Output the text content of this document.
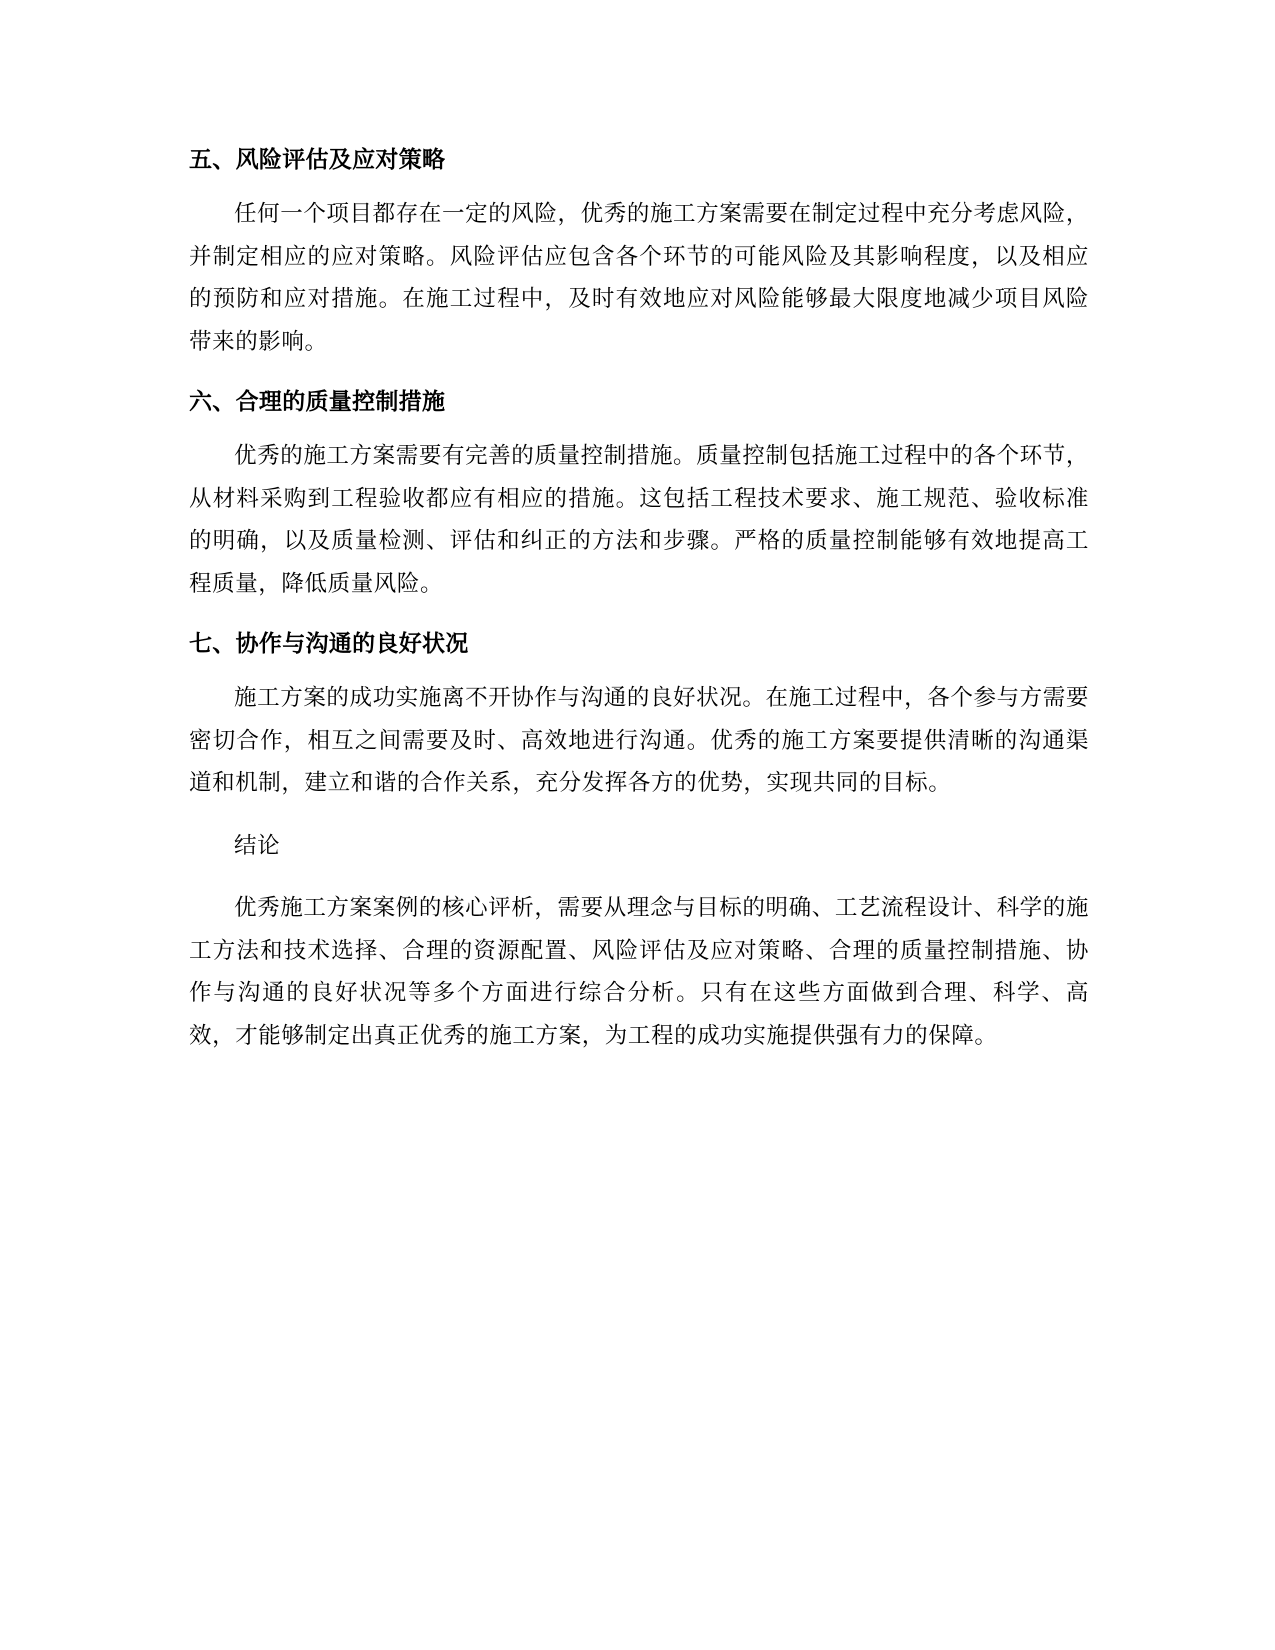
五、风险评估及应对策略

任何一个项目都存在一定的风险，优秀的施工方案需要在制定过程中充分考虑风险，并制定相应的应对策略。风险评估应包含各个环节的可能风险及其影响程度，以及相应的预防和应对措施。在施工过程中，及时有效地应对风险能够最大限度地减少项目风险带来的影响。

六、合理的质量控制措施

优秀的施工方案需要有完善的质量控制措施。质量控制包括施工过程中的各个环节，从材料采购到工程验收都应有相应的措施。这包括工程技术要求、施工规范、验收标准的明确，以及质量检测、评估和纠正的方法和步骤。严格的质量控制能够有效地提高工程质量，降低质量风险。

七、协作与沟通的良好状况

施工方案的成功实施离不开协作与沟通的良好状况。在施工过程中，各个参与方需要密切合作，相互之间需要及时、高效地进行沟通。优秀的施工方案要提供清晰的沟通渠道和机制，建立和谐的合作关系，充分发挥各方的优势，实现共同的目标。

结论

优秀施工方案案例的核心评析，需要从理念与目标的明确、工艺流程设计、科学的施工方法和技术选择、合理的资源配置、风险评估及应对策略、合理的质量控制措施、协作与沟通的良好状况等多个方面进行综合分析。只有在这些方面做到合理、科学、高效，才能够制定出真正优秀的施工方案，为工程的成功实施提供强有力的保障。
